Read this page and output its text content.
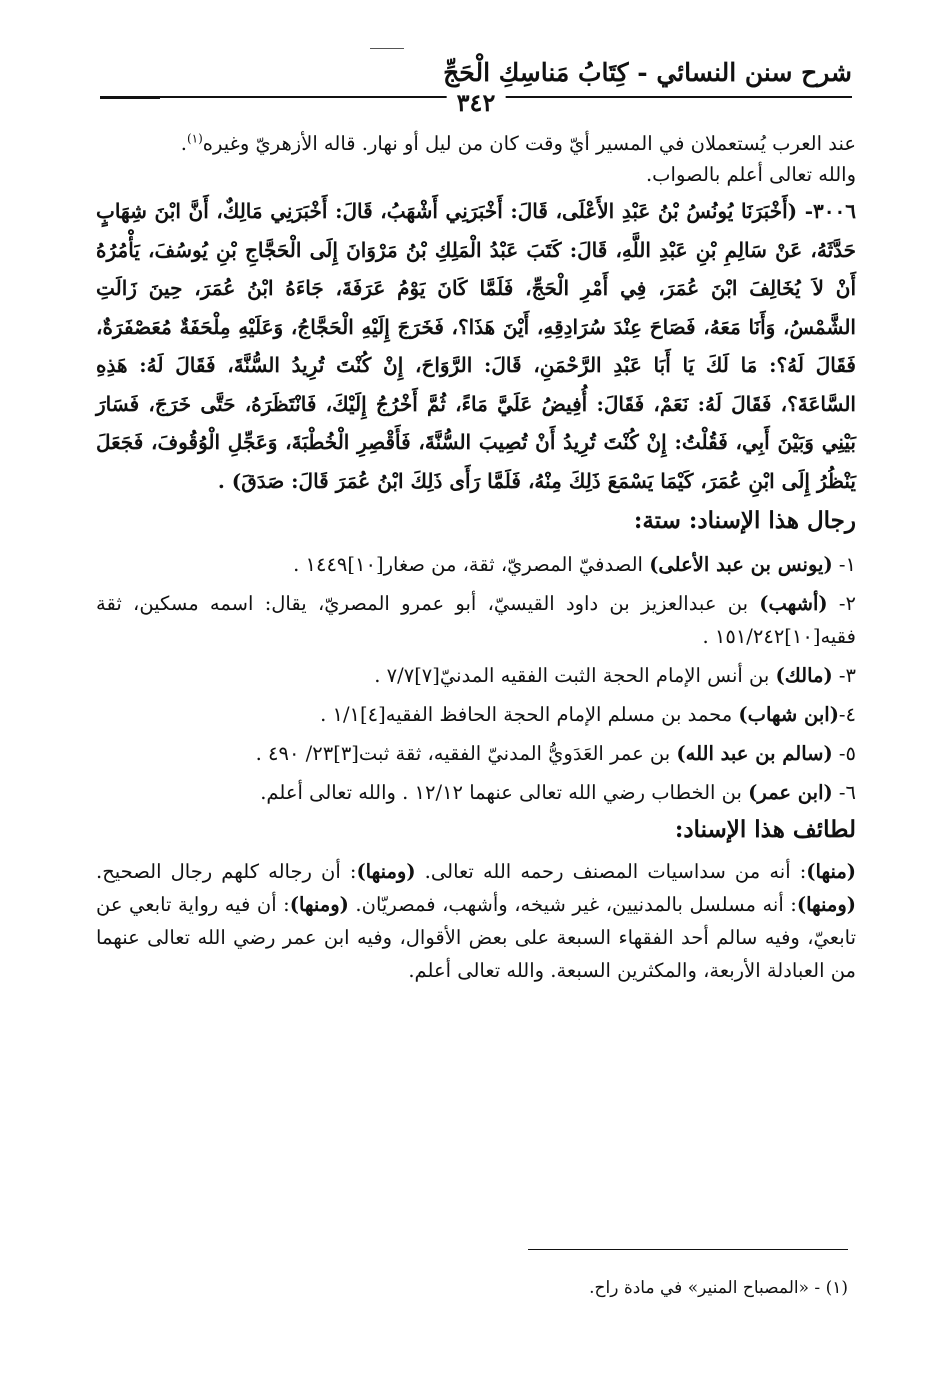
شرح سنن النسائي - كِتَابُ مَناسِكِ الْحَجِّ
٣٤٢

عند العرب يُستعملان في المسير أيّ وقت كان من ليل أو نهار. قاله الأزهريّ وغيره$^{(١)}$.
والله تعالى أعلم بالصواب.

٣٠٠٦- (أَخْبَرَنَا يُونُسُ بْنُ عَبْدِ الأَعْلَى، قَالَ: أَخْبَرَنِي أَشْهَبُ، قَالَ: أَخْبَرَنِي مَالِكٌ، أَنَّ ابْنَ شِهَابٍ حَدَّثَهُ، عَنْ سَالِمِ بْنِ عَبْدِ اللَّهِ، قَالَ: كَتَبَ عَبْدُ الْمَلِكِ بْنُ مَرْوَانَ إِلَى الْحَجَّاجِ بْنِ يُوسُفَ، يَأْمُرُهُ أَنْ لاَ يُخَالِفَ ابْنَ عُمَرَ، فِي أَمْرِ الْحَجِّ، فَلَمَّا كَانَ يَوْمُ عَرَفَةَ، جَاءَهُ ابْنُ عُمَرَ، حِينَ زَالَتِ الشَّمْسُ، وَأَنَا مَعَهُ، فَصَاحَ عِنْدَ سُرَادِقِهِ، أَيْنَ هَذَا؟، فَخَرَجَ إِلَيْهِ الْحَجَّاجُ، وَعَلَيْهِ مِلْحَفَةٌ مُعَصْفَرَةٌ، فَقَالَ لَهُ؟: مَا لَكَ يَا أَبَا عَبْدِ الرَّحْمَنِ، قَالَ: الرَّوَاحَ، إِنْ كُنْتَ تُرِيدُ السُّنَّةَ، فَقَالَ لَهُ: هَذِهِ السَّاعَةَ؟، فَقَالَ لَهُ: نَعَمْ، فَقَالَ: أُفِيضُ عَلَيَّ مَاءً، ثُمَّ أَخْرُجُ إِلَيْكَ، فَانْتَظَرَهُ، حَتَّى خَرَجَ، فَسَارَ بَيْنِي وَبَيْنَ أَبِي، فَقُلْتُ: إِنْ كُنْتَ تُرِيدُ أَنْ تُصِيبَ السُّنَّةَ، فَأَقْصِرِ الْخُطْبَةَ، وَعَجِّلِ الْوُقُوفَ، فَجَعَلَ يَنْظُرُ إِلَى ابْنِ عُمَرَ، كَيْمَا يَسْمَعَ ذَلِكَ مِنْهُ، فَلَمَّا رَأَى ذَلِكَ ابْنُ عُمَرَ قَالَ: صَدَقَ) .

رجال هذا الإسناد: ستة:

١- (يونس بن عبد الأعلى) الصدفيّ المصريّ، ثقة، من صغار[١٠]١٤٤٩ .

٢- (أشهب) بن عبدالعزيز بن داود القيسيّ، أبو عمرو المصريّ، يقال: اسمه مسكين، ثقة فقيه[١٠]١٥١/٢٤٢ .

٣- (مالك) بن أنس الإمام الحجة الثبت الفقيه المدنيّ[٧]٧/٧ .

٤-(ابن شهاب) محمد بن مسلم الإمام الحجة الحافظ الفقيه[٤]١/١ .

٥- (سالم بن عبد الله) بن عمر العَدَويُّ المدنيّ الفقيه، ثقة ثبت[٣]٢٣/ ٤٩٠ .

٦- (ابن عمر) بن الخطاب رضي الله تعالى عنهما ١٢/١٢ . والله تعالى أعلم.

لطائف هذا الإسناد:

(منها): أنه من سداسيات المصنف رحمه الله تعالى. (ومنها): أن رجاله كلهم رجال الصحيح. (ومنها): أنه مسلسل بالمدنيين، غير شيخه، وأشهب، فمصريّان. (ومنها): أن فيه رواية تابعي عن تابعيّ، وفيه سالم أحد الفقهاء السبعة على بعض الأقوال، وفيه ابن عمر رضي الله تعالى عنهما من العبادلة الأربعة، والمكثرين السبعة. والله تعالى أعلم.

(١) - «المصباح المنير» في مادة راح.
